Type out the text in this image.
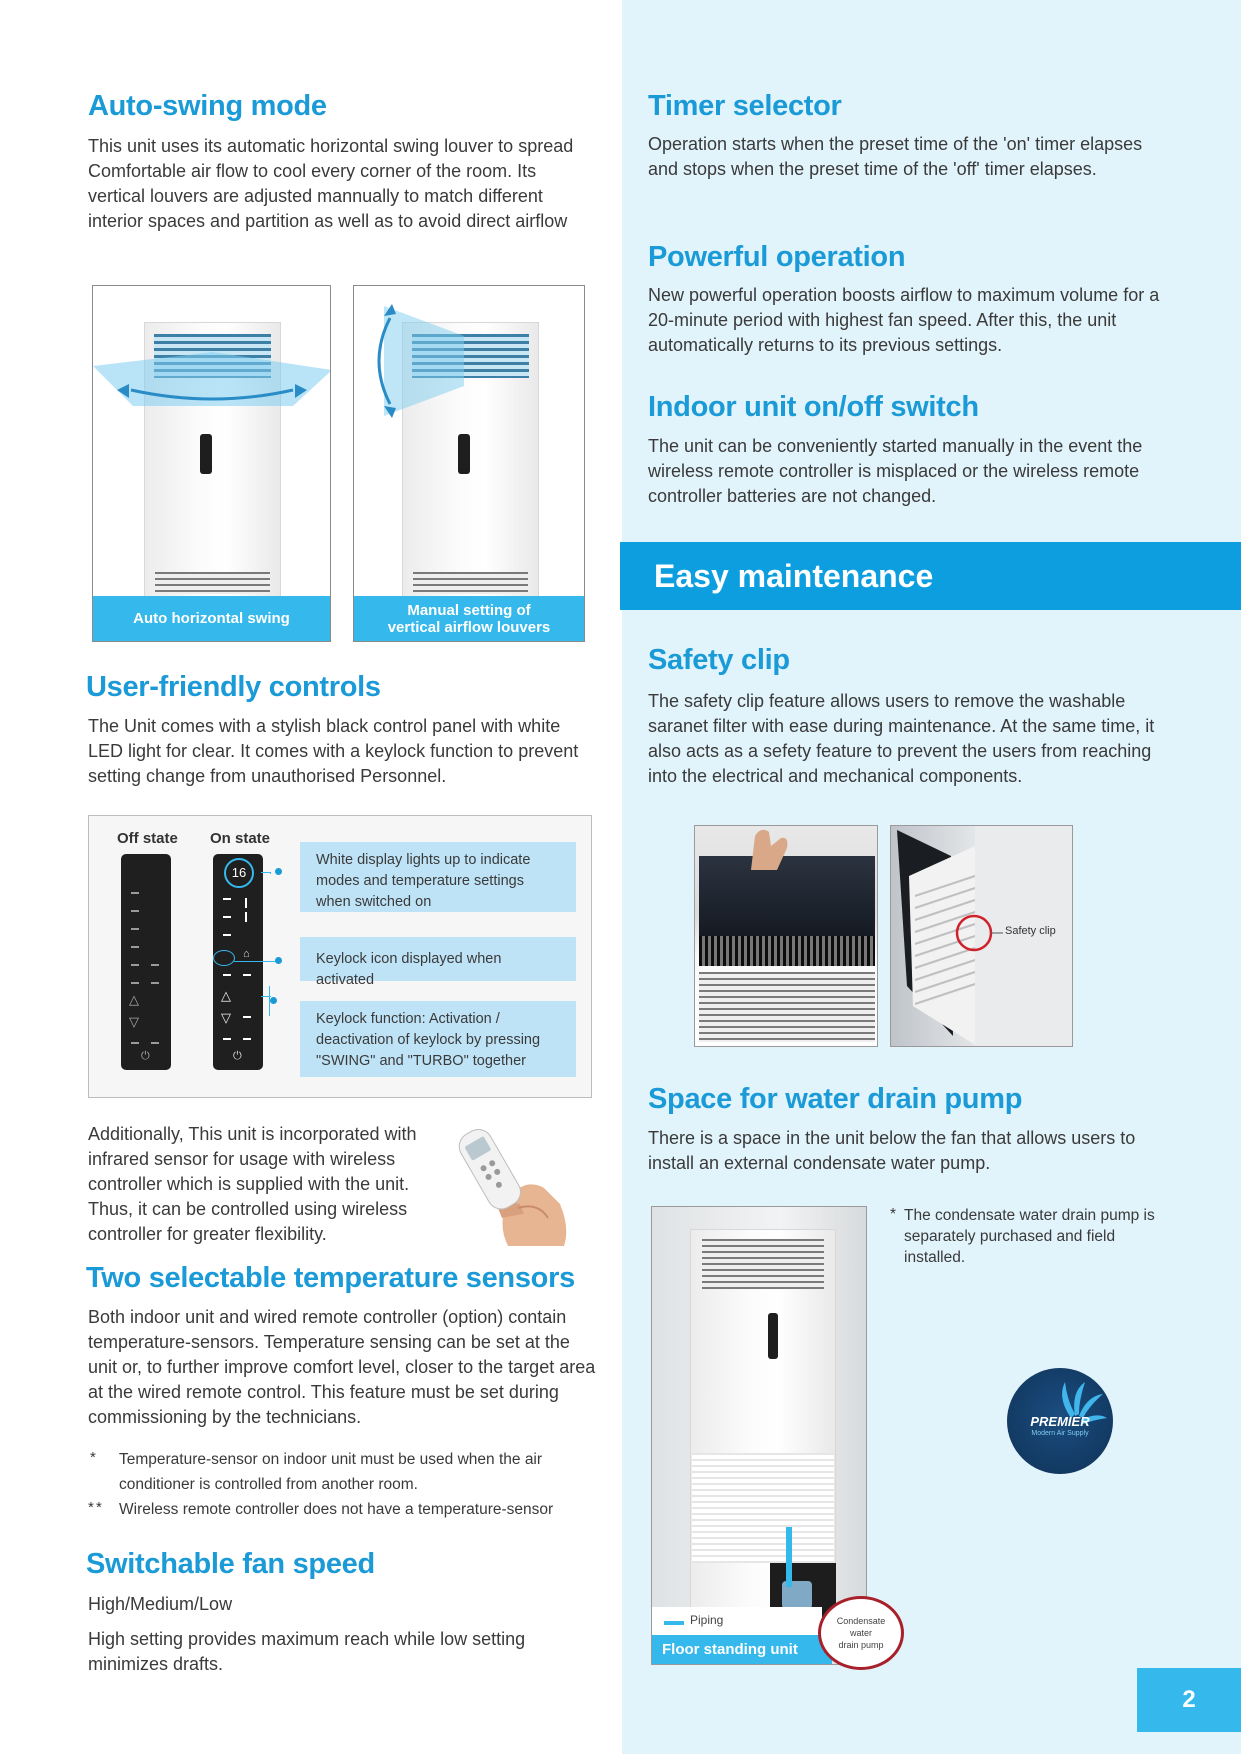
Auto-swing mode

This unit uses its automatic horizontal swing louver to spread Comfortable air flow to cool every corner of the room. Its vertical louvers are adjusted mannually to match different interior spaces and partition as well as to avoid direct airflow

Auto horizontal swing	Manual setting of
vertical airflow louvers
User-friendly controls

The Unit comes with a stylish black control panel with white LED light for clear. It comes with a keylock function to prevent setting change from unauthorised Personnel.

Off state On state
△
▽
⏻
16
⌂
△
▽
⏻
White display lights up to indicate modes and temperature settings when switched on
Keylock icon displayed when activated
Keylock function: Activation / deactivation of keylock by pressing "SWING" and "TURBO" together

Additionally, This unit is incorporated with infrared sensor for usage with wireless controller which is supplied with the unit. Thus, it can be controlled using wireless controller for greater flexibility.

Two selectable temperature sensors

Both indoor unit and wired remote controller (option) contain temperature-sensors. Temperature sensing can be set at the unit or, to further improve comfort level, closer to the target area at the wired remote control. This feature must be set during commissioning by the technicians.

* Temperature-sensor on indoor unit must be used when the air conditioner is controlled from another room.

* * Wireless remote controller does not have a temperature-sensor

Switchable fan speed

High/Medium/Low

High setting provides maximum reach while low setting minimizes drafts.

Timer selector

Operation starts when the preset time of the 'on' timer elapses and stops when the preset time of the 'off' timer elapses.

Powerful operation

New powerful operation boosts airflow to maximum volume for a 20-minute period with highest fan speed. After this, the unit automatically returns to its previous settings.

Indoor unit on/off switch

The unit can be conveniently started manually in the event the wireless remote controller is misplaced or the wireless remote controller batteries are not changed.

Easy maintenance
Safety clip

The safety clip feature allows users to remove the washable saranet filter with ease during maintenance. At the same time, it also acts as a sefety feature to prevent the users from reaching into the electrical and mechanical components.

Safety clip
Space for water drain pump

There is a space in the unit below the fan that allows users to install an external condensate water pump.

Piping
Floor standing unit
Condensate
water
drain pump
* The condensate water drain pump is separately purchased and field installed.

PREMIER
Modern Air Supply
2
